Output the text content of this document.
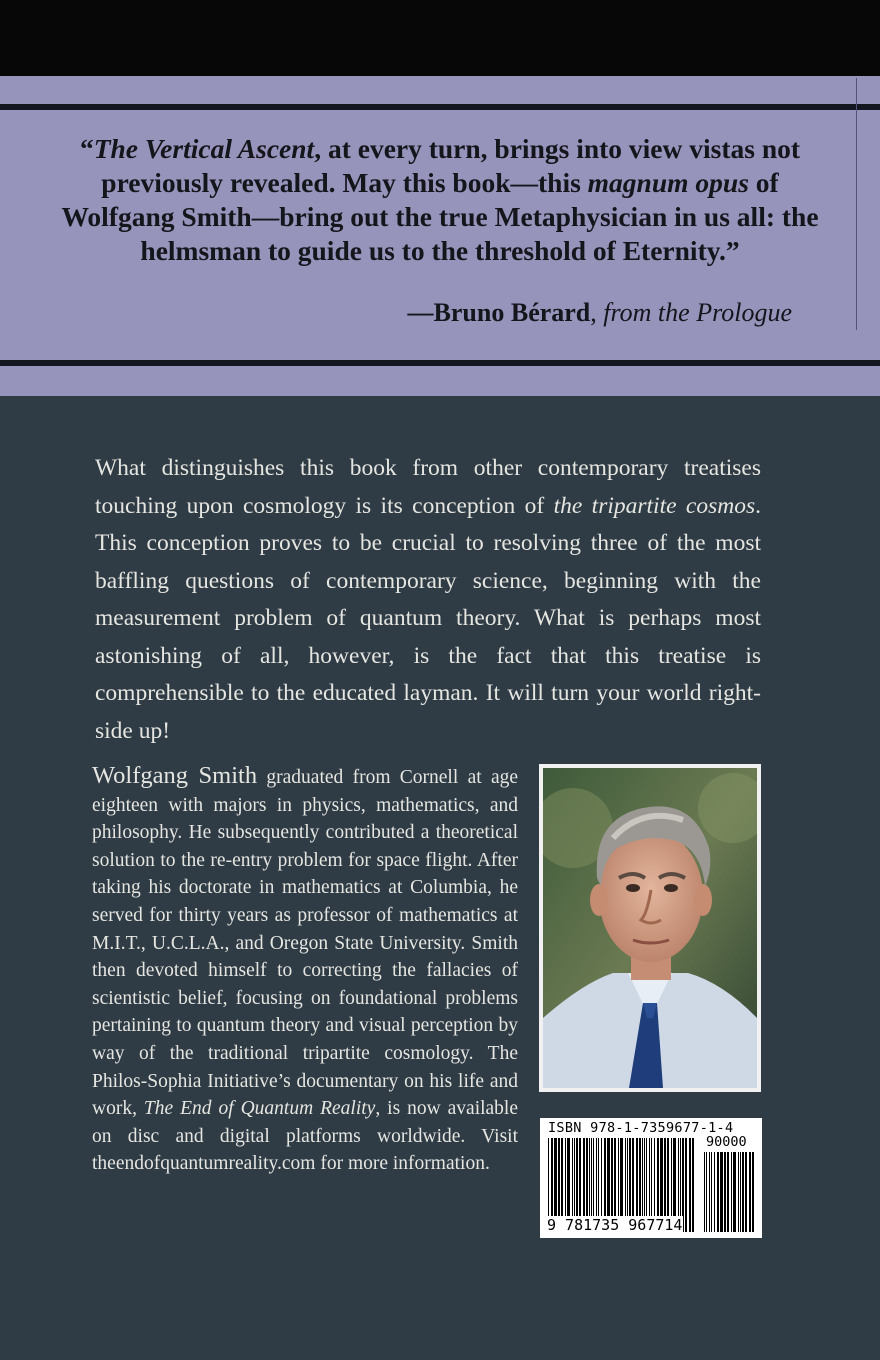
“The Vertical Ascent, at every turn, brings into view vistas not previously revealed. May this book—this magnum opus of Wolfgang Smith—bring out the true Metaphysician in us all: the helmsman to guide us to the threshold of Eternity.”

—Bruno Bérard, from the Prologue

What distinguishes this book from other contemporary treatises touching upon cosmology is its conception of the tripartite cosmos. This conception proves to be crucial to resolving three of the most baffling questions of contemporary science, beginning with the measurement problem of quantum theory. What is perhaps most astonishing of all, however, is the fact that this treatise is comprehensible to the educated layman. It will turn your world right-side up!

Wolfgang Smith graduated from Cornell at age eighteen with majors in physics, mathematics, and philosophy. He subsequently contributed a theoretical solution to the re-entry problem for space flight. After taking his doctorate in mathematics at Columbia, he served for thirty years as professor of mathematics at M.I.T., U.C.L.A., and Oregon State University. Smith then devoted himself to correcting the fallacies of scientistic belief, focusing on foundational problems pertaining to quantum theory and visual perception by way of the traditional tripartite cosmology. The Philos-Sophia Initiative’s documentary on his life and work, The End of Quantum Reality, is now available on disc and digital platforms worldwide. Visit theendofquantumreality.com for more information.

ISBN 978-1-7359677-1-4

90000

9 781735 967714
